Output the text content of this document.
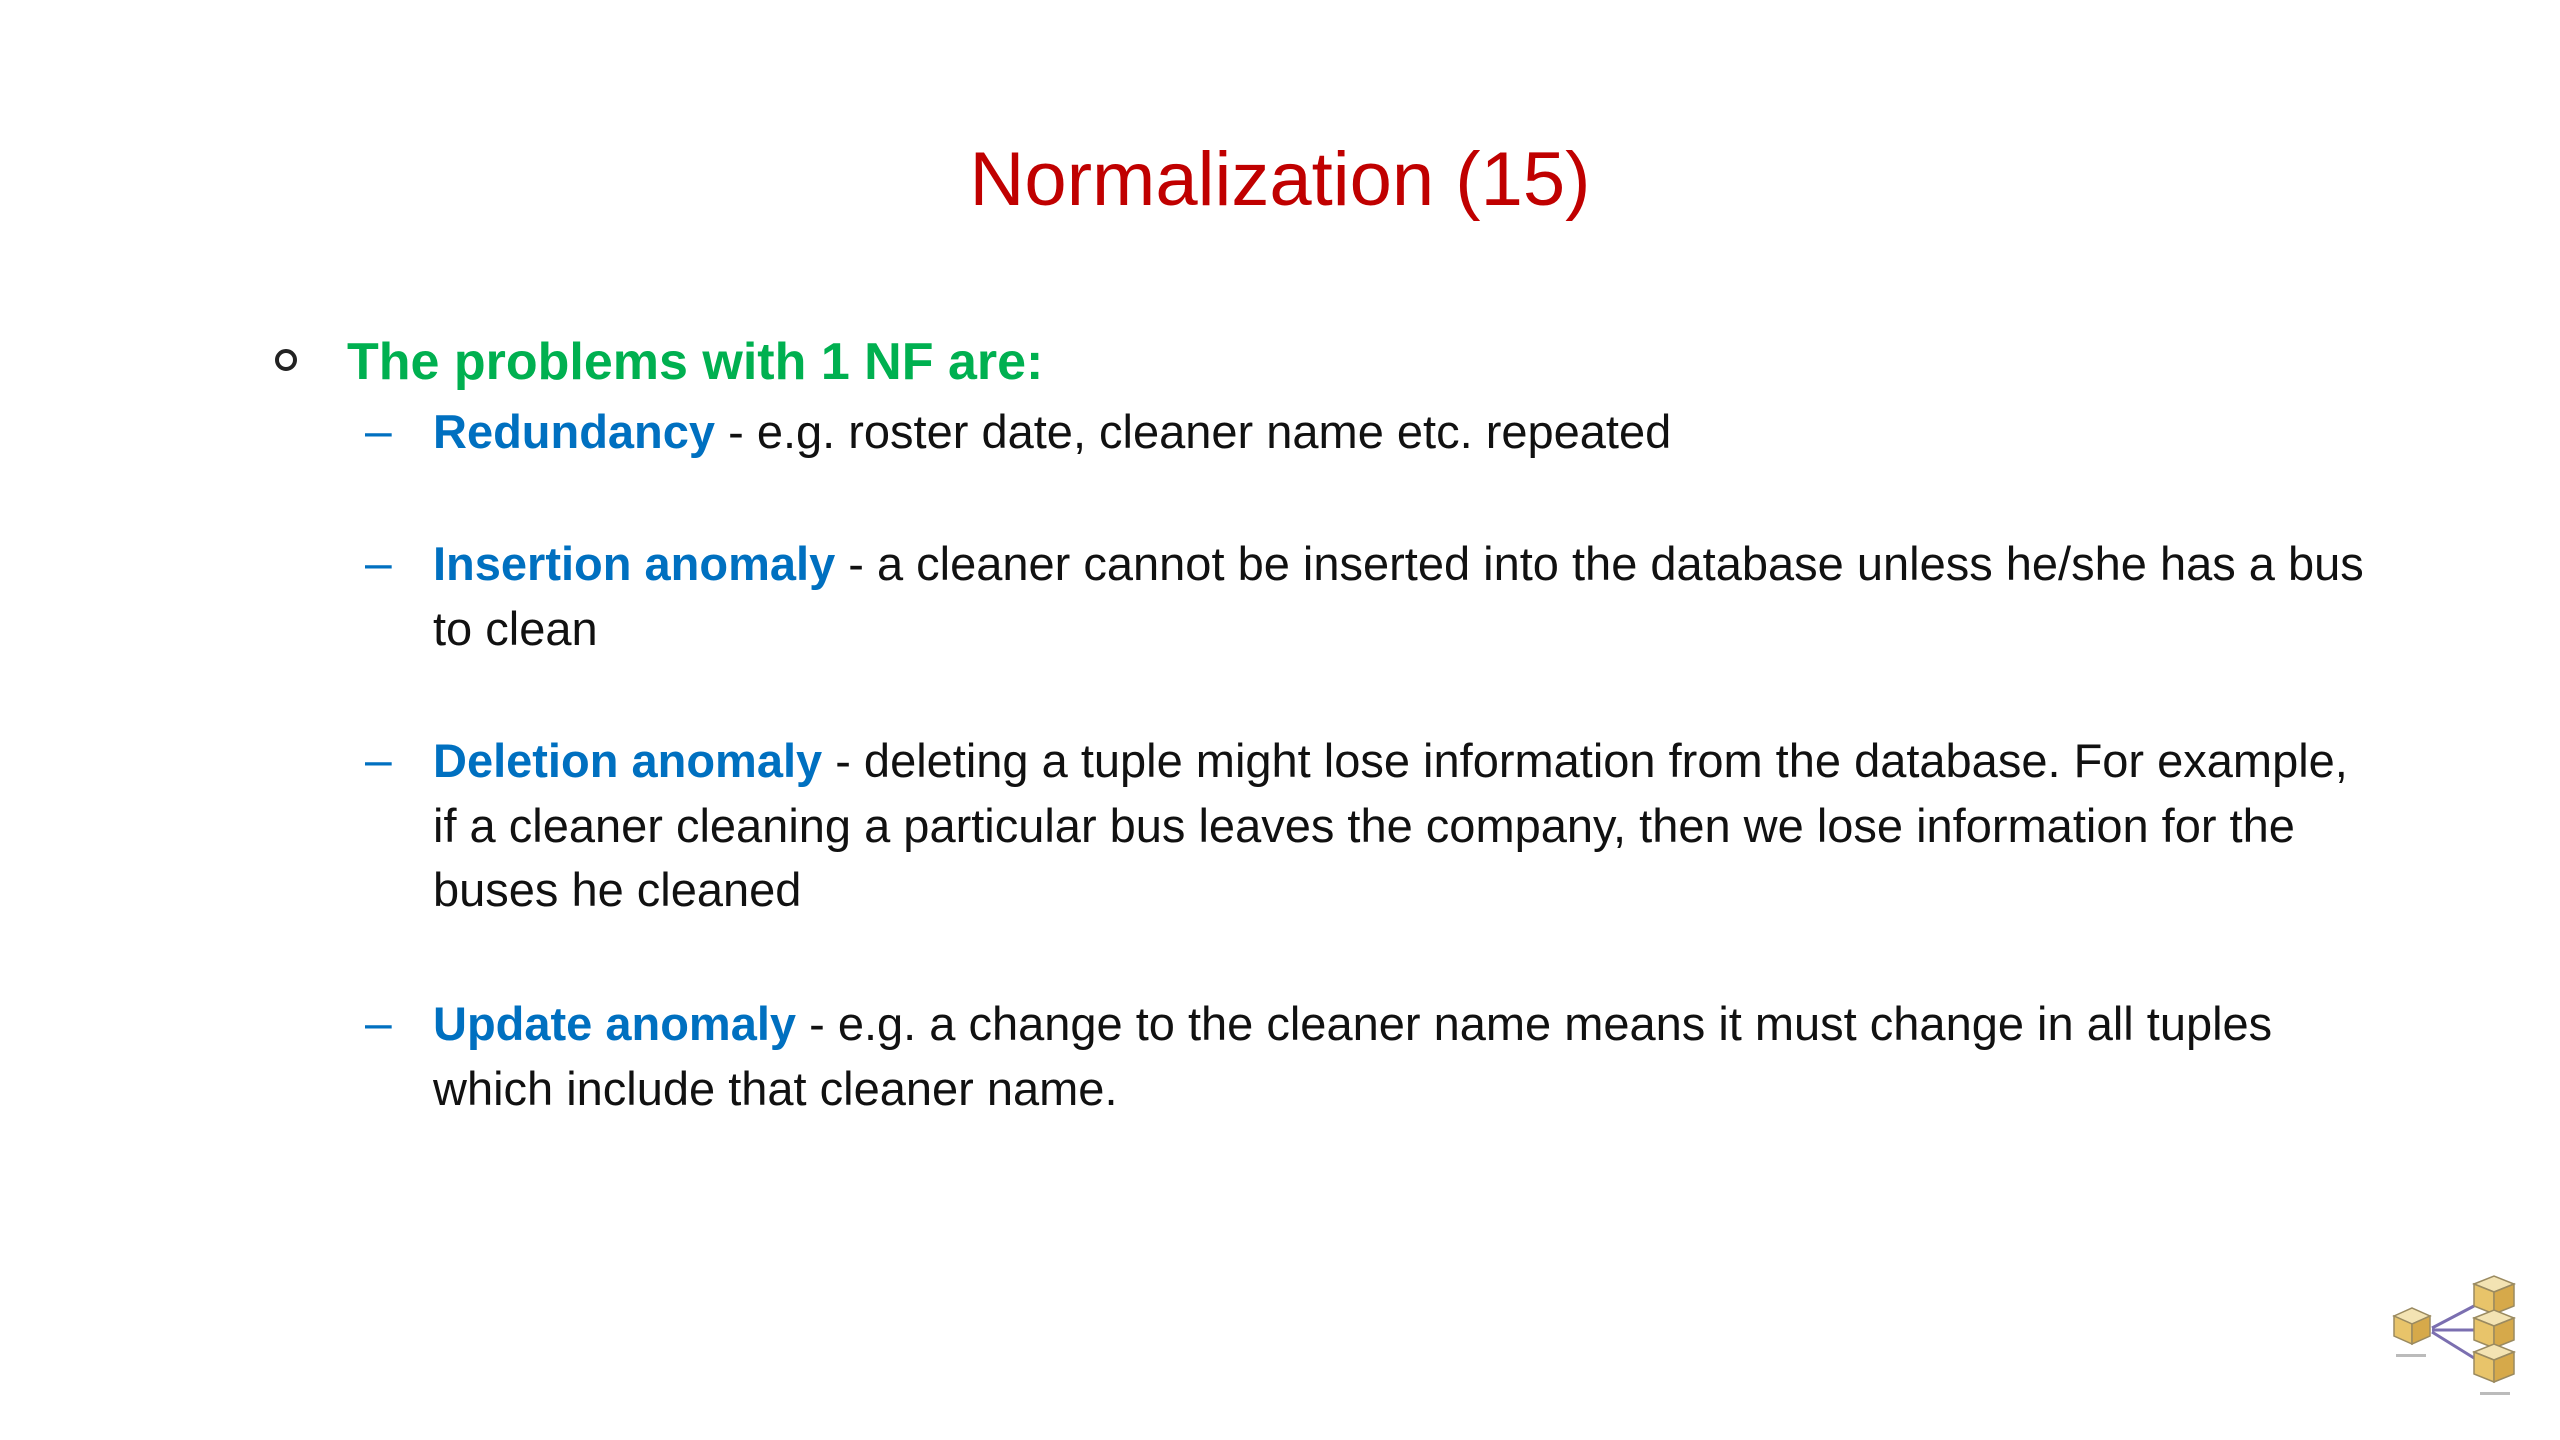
Normalization (15)
The problems with 1 NF are:
– Redundancy - e.g. roster date, cleaner name etc. repeated
– Insertion anomaly - a cleaner cannot be inserted into the database unless he/she has a bus to clean
– Deletion anomaly - deleting a tuple might lose information from the database. For example, if a cleaner cleaning a particular bus leaves the company, then we lose information for the buses he cleaned
– Update anomaly - e.g. a change to the cleaner name means it must change in all tuples which include that cleaner name.
